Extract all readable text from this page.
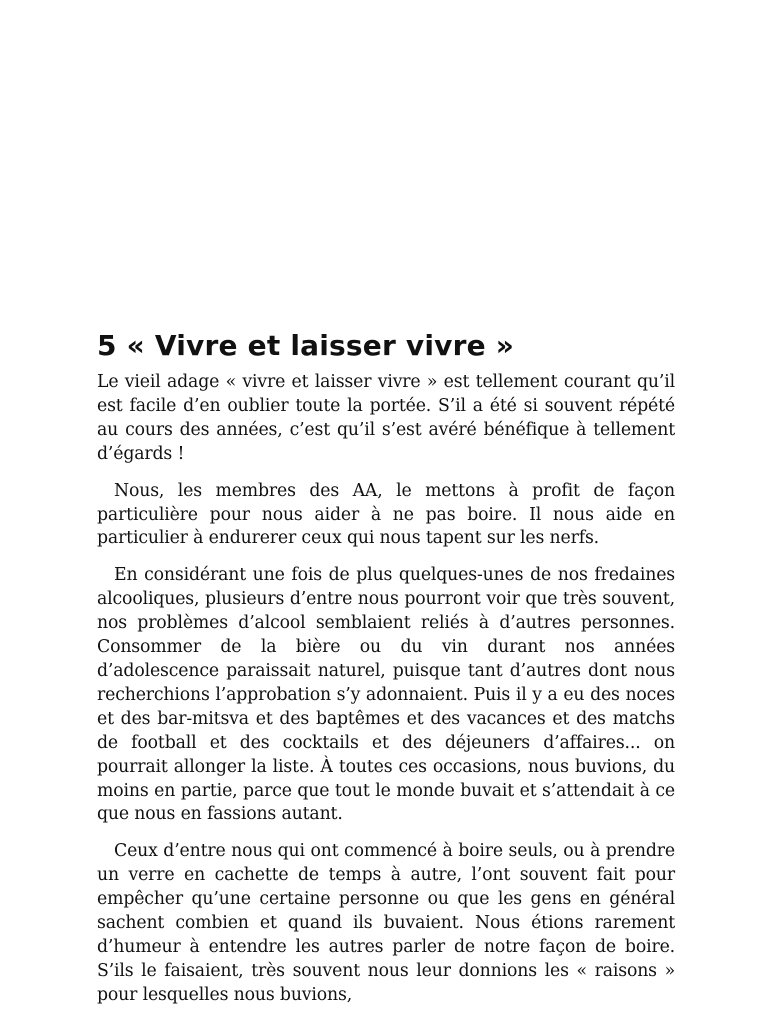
5 « Vivre et laisser vivre »

Le vieil adage « vivre et laisser vivre » est tellement courant qu’il est facile d’en oublier toute la portée. S’il a été si souvent répété au cours des années, c’est qu’il s’est avéré bénéfique à tellement d’égards !

Nous, les membres des AA, le mettons à profit de façon particulière pour nous aider à ne pas boire. Il nous aide en particulier à endurerer ceux qui nous tapent sur les nerfs.

En considérant une fois de plus quelques-unes de nos fredaines alcooliques, plusieurs d’entre nous pourront voir que très souvent, nos problèmes d’alcool semblaient reliés à d’autres personnes. Consommer de la bière ou du vin durant nos années d’adolescence paraissait naturel, puisque tant d’autres dont nous recherchions l’approbation s’y adonnaient. Puis il y a eu des noces et des bar-mitsva et des baptêmes et des vacances et des matchs de football et des cocktails et des déjeuners d’affaires... on pourrait allonger la liste. À toutes ces occasions, nous buvions, du moins en partie, parce que tout le monde buvait et s’attendait à ce que nous en fassions autant.

Ceux d’entre nous qui ont commencé à boire seuls, ou à prendre un verre en cachette de temps à autre, l’ont souvent fait pour empêcher qu’une certaine personne ou que les gens en général sachent combien et quand ils buvaient. Nous étions rarement d’humeur à entendre les autres parler de notre façon de boire. S’ils le faisaient, très souvent nous leur donnions les « raisons » pour lesquelles nous buvions,
